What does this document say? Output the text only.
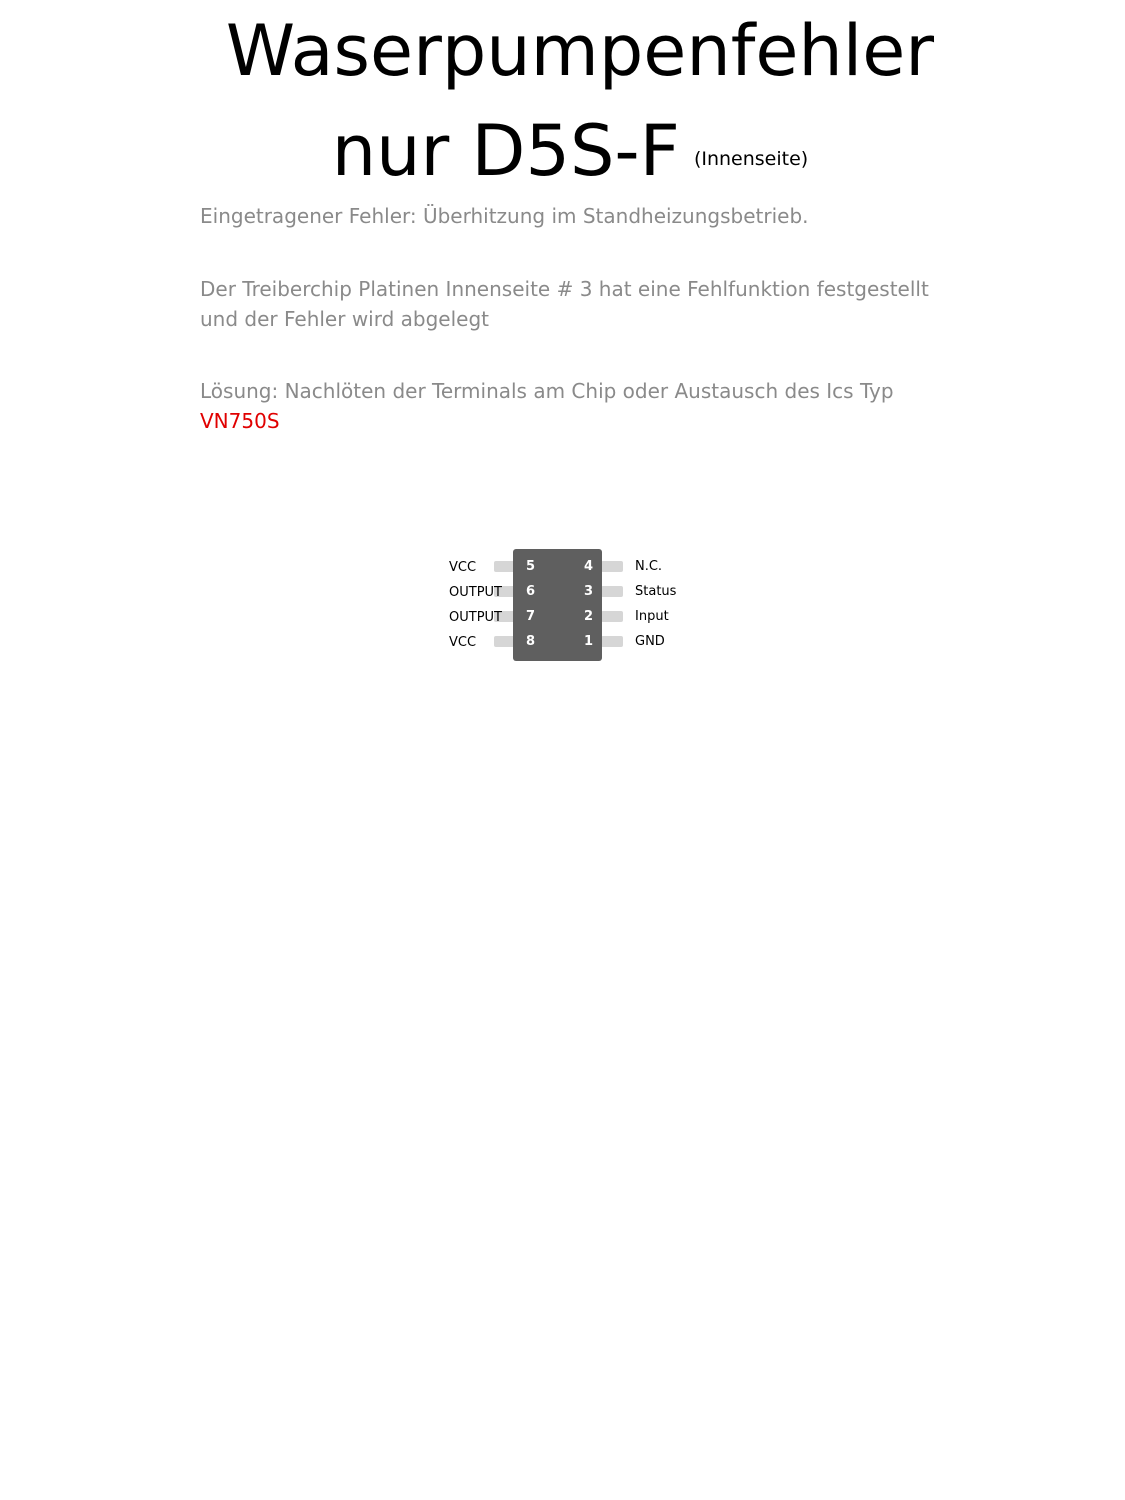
Waserpumpenfehler
nur D5S-F (Innenseite)

Eingetragener Fehler: Überhitzung im Standheizungsbetrieb.

Der Treiberchip Platinen Innenseite # 3 hat eine Fehlfunktion festgestellt und der Fehler wird abgelegt

Lösung: Nachlöten der Terminals am Chip oder Austausch des Ics Typ
VN750S

5
6
7
8
4
3
2
1
VCC
OUTPUT
OUTPUT
VCC
N.C.
Status
Input
GND
